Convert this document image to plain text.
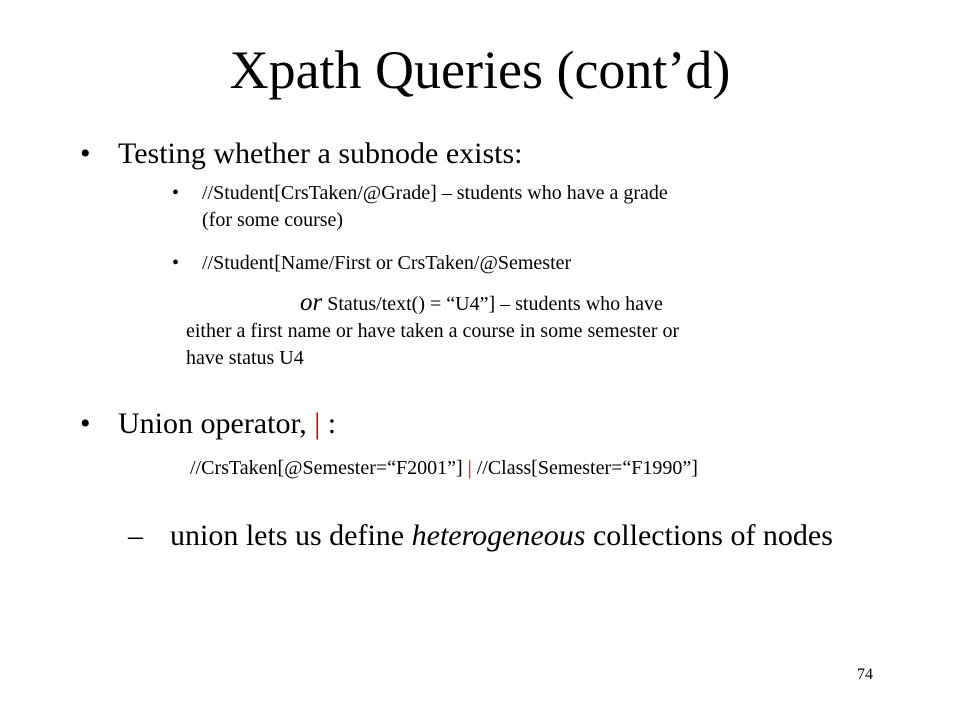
Xpath Queries (cont’d)
• Testing whether a subnode exists:
• //Student[CrsTaken/@Grade] – students who have a grade
(for some course)
• //Student[Name/First or CrsTaken/@Semester
or Status/text() = “U4”] – students who have
either a first name or have taken a course in some semester or
have status U4
• Union operator, | :
//CrsTaken[@Semester=“F2001”] | //Class[Semester=“F1990”]
– union lets us define heterogeneous collections of nodes
74
